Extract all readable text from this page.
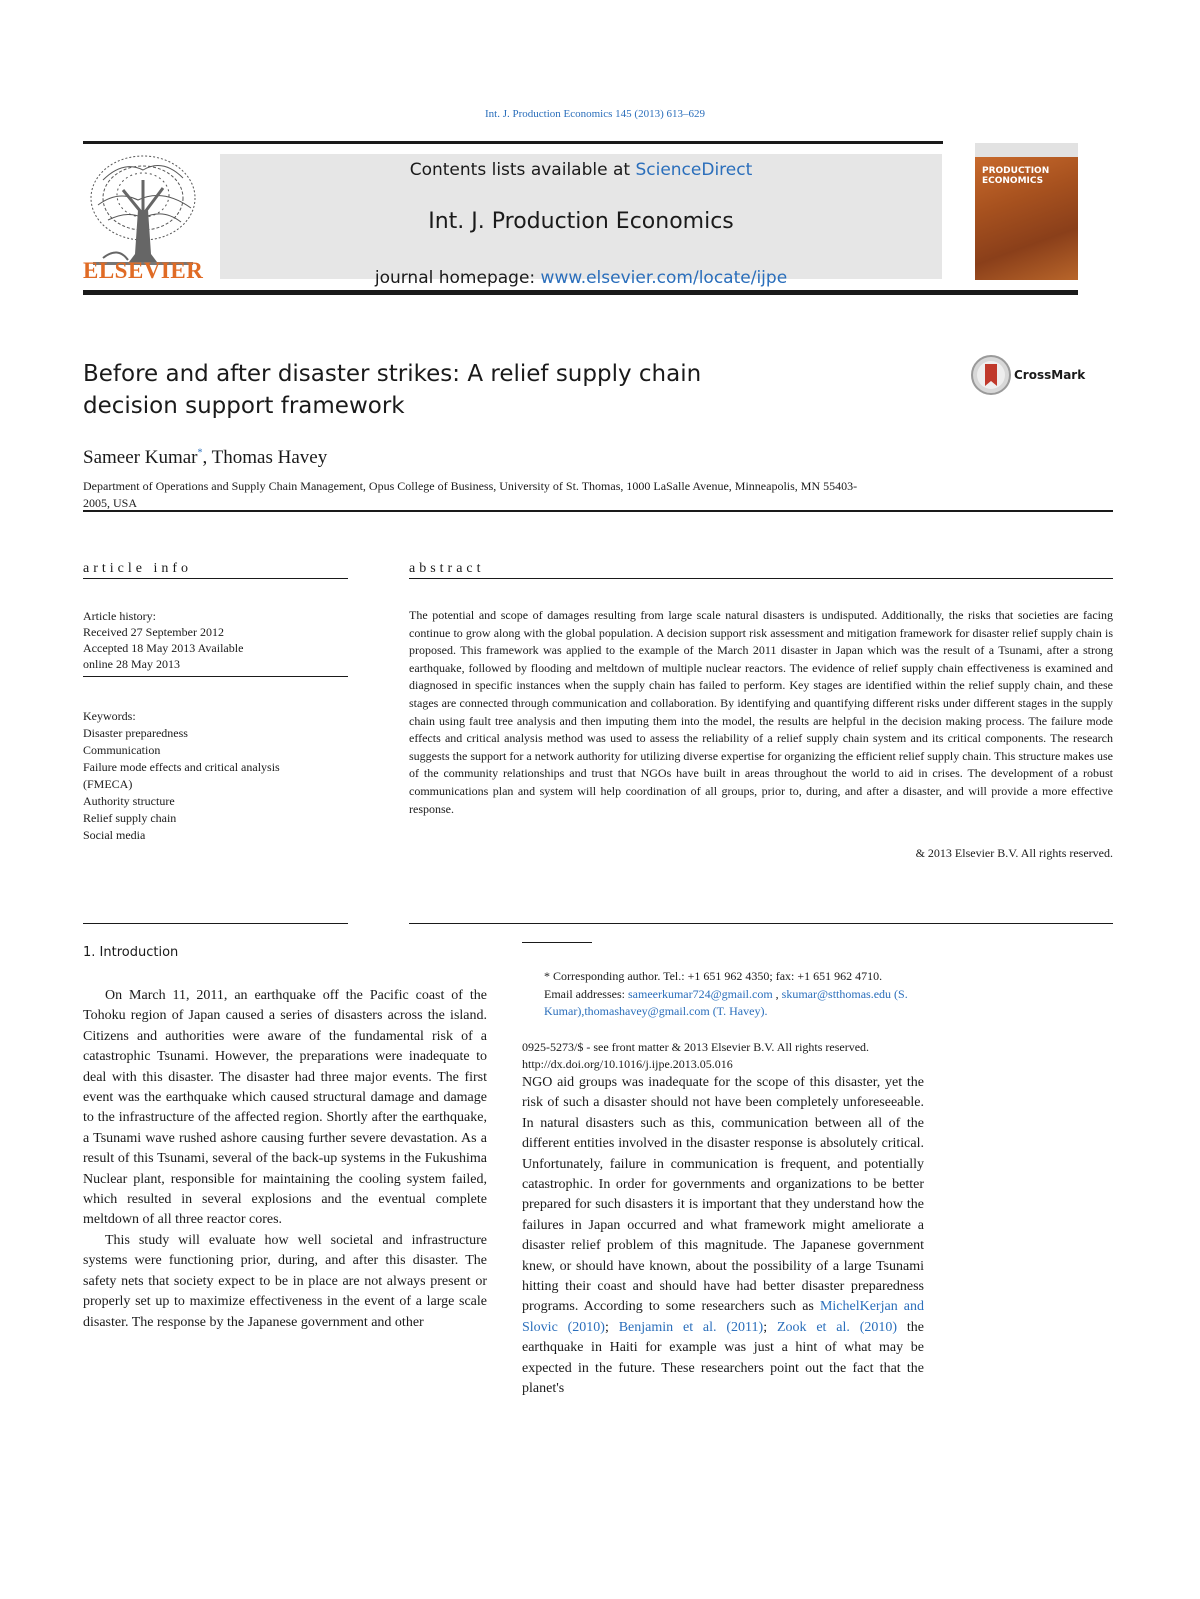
Int. J. Production Economics 145 (2013) 613–629
ELSEVIER
Contents lists available at ScienceDirect
Int. J. Production Economics
journal homepage: www.elsevier.com/locate/ijpe
PRODUCTION ECONOMICS
Before and after disaster strikes: A relief supply chain decision support framework
CrossMark
Sameer Kumar*, Thomas Havey
Department of Operations and Supply Chain Management, Opus College of Business, University of St. Thomas, 1000 LaSalle Avenue, Minneapolis, MN 55403-2005, USA
article info	abstract
Article history:
Received 27 September 2012
Accepted 18 May 2013 Available
online 28 May 2013
Keywords:
Disaster preparedness
Communication
Failure mode effects and critical analysis
(FMECA)
Authority structure
Relief supply chain
Social media
The potential and scope of damages resulting from large scale natural disasters is undisputed. Additionally, the risks that societies are facing continue to grow along with the global population. A decision support risk assessment and mitigation framework for disaster relief supply chain is proposed. This framework was applied to the example of the March 2011 disaster in Japan which was the result of a Tsunami, after a strong earthquake, followed by flooding and meltdown of multiple nuclear reactors. The evidence of relief supply chain effectiveness is examined and diagnosed in specific instances when the supply chain has failed to perform. Key stages are identified within the relief supply chain, and these stages are connected through communication and collaboration. By identifying and quantifying different risks under different stages in the supply chain using fault tree analysis and then imputing them into the model, the results are helpful in the decision making process. The failure mode effects and critical analysis method was used to assess the reliability of a relief supply chain system and its critical components. The research suggests the support for a network authority for utilizing diverse expertise for organizing the efficient relief supply chain. This structure makes use of the community relationships and trust that NGOs have built in areas throughout the world to aid in crises. The development of a robust communications plan and system will help coordination of all groups, prior to, during, and after a disaster, and will provide a more effective response.
& 2013 Elsevier B.V. All rights reserved.
1. Introduction

On March 11, 2011, an earthquake off the Pacific coast of the Tohoku region of Japan caused a series of disasters across the island. Citizens and authorities were aware of the fundamental risk of a catastrophic Tsunami. However, the preparations were inadequate to deal with this disaster. The disaster had three major events. The first event was the earthquake which caused structural damage and damage to the infrastructure of the affected region. Shortly after the earthquake, a Tsunami wave rushed ashore causing further severe devastation. As a result of this Tsunami, several of the back-up systems in the Fukushima Nuclear plant, responsible for maintaining the cooling system failed, which resulted in several explosions and the eventual complete meltdown of all three reactor cores.

This study will evaluate how well societal and infrastructure systems were functioning prior, during, and after this disaster. The safety nets that society expect to be in place are not always present or properly set up to maximize effectiveness in the event of a large scale disaster. The response by the Japanese government and other

* Corresponding author. Tel.: +1 651 962 4350; fax: +1 651 962 4710.

Email addresses: sameerkumar724@gmail.com , skumar@stthomas.edu (S. Kumar),thomashavey@gmail.com (T. Havey).

0925-5273/$ - see front matter & 2013 Elsevier B.V. All rights reserved.
http://dx.doi.org/10.1016/j.ijpe.2013.05.016

NGO aid groups was inadequate for the scope of this disaster, yet the risk of such a disaster should not have been completely unforeseeable. In natural disasters such as this, communication between all of the different entities involved in the disaster response is absolutely critical. Unfortunately, failure in communication is frequent, and potentially catastrophic. In order for governments and organizations to be better prepared for such disasters it is important that they understand how the failures in Japan occurred and what framework might ameliorate a disaster relief problem of this magnitude. The Japanese government knew, or should have known, about the possibility of a large Tsunami hitting their coast and should have had better disaster preparedness programs. According to some researchers such as MichelKerjan and Slovic (2010); Benjamin et al. (2011); Zook et al. (2010) the earthquake in Haiti for example was just a hint of what may be expected in the future. These researchers point out the fact that the planet's
